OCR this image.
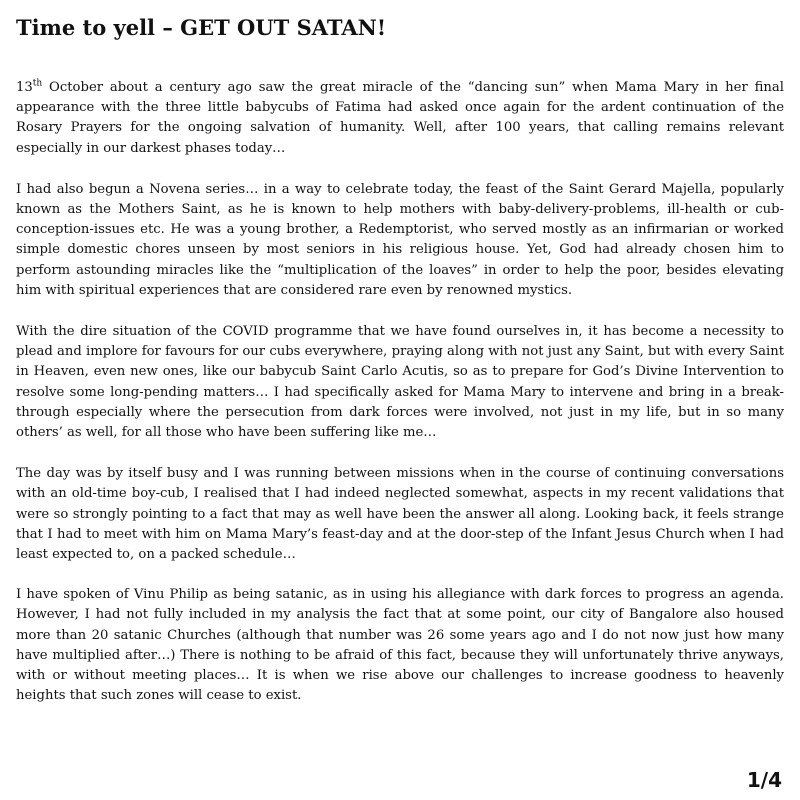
Time to yell – GET OUT SATAN!

13th October about a century ago saw the great miracle of the “dancing sun” when Mama Mary in her final appearance with the three little babycubs of Fatima had asked once again for the ardent continuation of the Rosary Prayers for the ongoing salvation of humanity. Well, after 100 years, that calling remains relevant especially in our darkest phases today…

I had also begun a Novena series… in a way to celebrate today, the feast of the Saint Gerard Majella, popularly known as the Mothers Saint, as he is known to help mothers with baby-delivery-problems, ill-health or cub-conception-issues etc. He was a young brother, a Redemptorist, who served mostly as an infirmarian or worked simple domestic chores unseen by most seniors in his religious house. Yet, God had already chosen him to perform astounding miracles like the “multiplication of the loaves” in order to help the poor, besides elevating him with spiritual experiences that are considered rare even by renowned mystics.

With the dire situation of the COVID programme that we have found ourselves in, it has become a necessity to plead and implore for favours for our cubs everywhere, praying along with not just any Saint, but with every Saint in Heaven, even new ones, like our babycub Saint Carlo Acutis, so as to prepare for God’s Divine Intervention to resolve some long-pending matters… I had specifically asked for Mama Mary to intervene and bring in a break-through especially where the persecution from dark forces were involved, not just in my life, but in so many others’ as well, for all those who have been suffering like me…

The day was by itself busy and I was running between missions when in the course of continuing conversations with an old-time boy-cub, I realised that I had indeed neglected somewhat, aspects in my recent validations that were so strongly pointing to a fact that may as well have been the answer all along. Looking back, it feels strange that I had to meet with him on Mama Mary’s feast-day and at the door-step of the Infant Jesus Church when I had least expected to, on a packed schedule…

I have spoken of Vinu Philip as being satanic, as in using his allegiance with dark forces to progress an agenda. However, I had not fully included in my analysis the fact that at some point, our city of Bangalore also housed more than 20 satanic Churches (although that number was 26 some years ago and I do not now just how many have multiplied after…) There is nothing to be afraid of this fact, because they will unfortunately thrive anyways, with or without meeting places… It is when we rise above our challenges to increase goodness to heavenly heights that such zones will cease to exist.

1/4
